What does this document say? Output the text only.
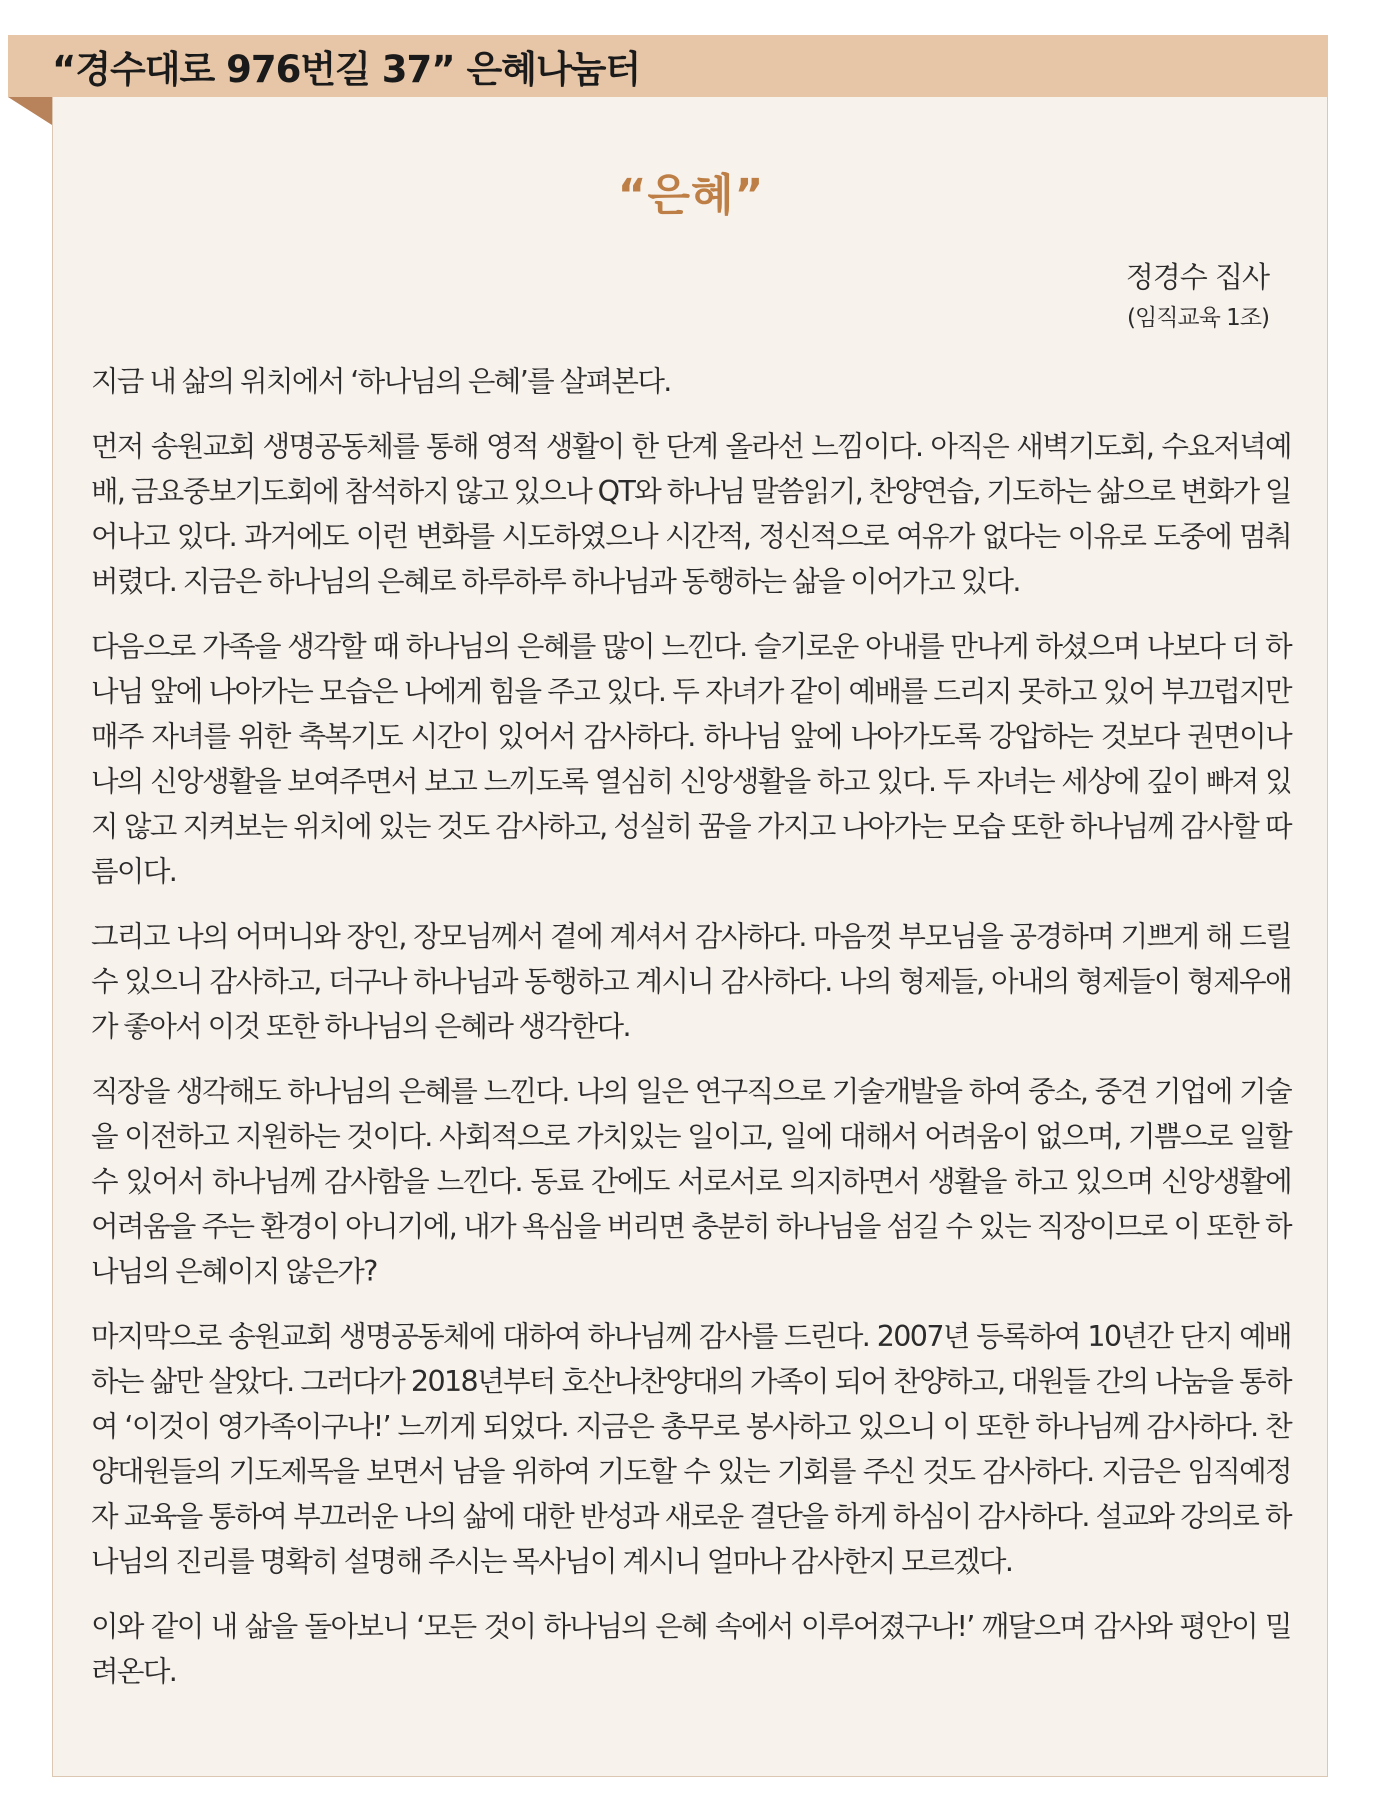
“경수대로 976번길 37” 은혜나눔터
“은혜”
정경수 집사
(임직교육 1조)

지금 내 삶의 위치에서 ‘하나님의 은혜’를 살펴본다.

먼저 송원교회 생명공동체를 통해 영적 생활이 한 단계 올라선 느낌이다. 아직은 새벽기도회, 수요저녁예배, 금요중보기도회에 참석하지 않고 있으나 QT와 하나님 말씀읽기, 찬양연습, 기도하는 삶으로 변화가 일어나고 있다. 과거에도 이런 변화를 시도하였으나 시간적, 정신적으로 여유가 없다는 이유로 도중에 멈춰버렸다. 지금은 하나님의 은혜로 하루하루 하나님과 동행하는 삶을 이어가고 있다.

다음으로 가족을 생각할 때 하나님의 은혜를 많이 느낀다. 슬기로운 아내를 만나게 하셨으며 나보다 더 하나님 앞에 나아가는 모습은 나에게 힘을 주고 있다. 두 자녀가 같이 예배를 드리지 못하고 있어 부끄럽지만 매주 자녀를 위한 축복기도 시간이 있어서 감사하다. 하나님 앞에 나아가도록 강압하는 것보다 권면이나 나의 신앙생활을 보여주면서 보고 느끼도록 열심히 신앙생활을 하고 있다. 두 자녀는 세상에 깊이 빠져 있지 않고 지켜보는 위치에 있는 것도 감사하고, 성실히 꿈을 가지고 나아가는 모습 또한 하나님께 감사할 따름이다.

그리고 나의 어머니와 장인, 장모님께서 곁에 계셔서 감사하다. 마음껏 부모님을 공경하며 기쁘게 해 드릴 수 있으니 감사하고, 더구나 하나님과 동행하고 계시니 감사하다. 나의 형제들, 아내의 형제들이 형제우애가 좋아서 이것 또한 하나님의 은혜라 생각한다.

직장을 생각해도 하나님의 은혜를 느낀다. 나의 일은 연구직으로 기술개발을 하여 중소, 중견 기업에 기술을 이전하고 지원하는 것이다. 사회적으로 가치있는 일이고, 일에 대해서 어려움이 없으며, 기쁨으로 일할 수 있어서 하나님께 감사함을 느낀다. 동료 간에도 서로서로 의지하면서 생활을 하고 있으며 신앙생활에 어려움을 주는 환경이 아니기에, 내가 욕심을 버리면 충분히 하나님을 섬길 수 있는 직장이므로 이 또한 하나님의 은혜이지 않은가?

마지막으로 송원교회 생명공동체에 대하여 하나님께 감사를 드린다. 2007년 등록하여 10년간 단지 예배하는 삶만 살았다. 그러다가 2018년부터 호산나찬양대의 가족이 되어 찬양하고, 대원들 간의 나눔을 통하여 ‘이것이 영가족이구나!’ 느끼게 되었다. 지금은 총무로 봉사하고 있으니 이 또한 하나님께 감사하다. 찬양대원들의 기도제목을 보면서 남을 위하여 기도할 수 있는 기회를 주신 것도 감사하다. 지금은 임직예정자 교육을 통하여 부끄러운 나의 삶에 대한 반성과 새로운 결단을 하게 하심이 감사하다. 설교와 강의로 하나님의 진리를 명확히 설명해 주시는 목사님이 계시니 얼마나 감사한지 모르겠다.

이와 같이 내 삶을 돌아보니 ‘모든 것이 하나님의 은혜 속에서 이루어졌구나!’ 깨달으며 감사와 평안이 밀려온다.
